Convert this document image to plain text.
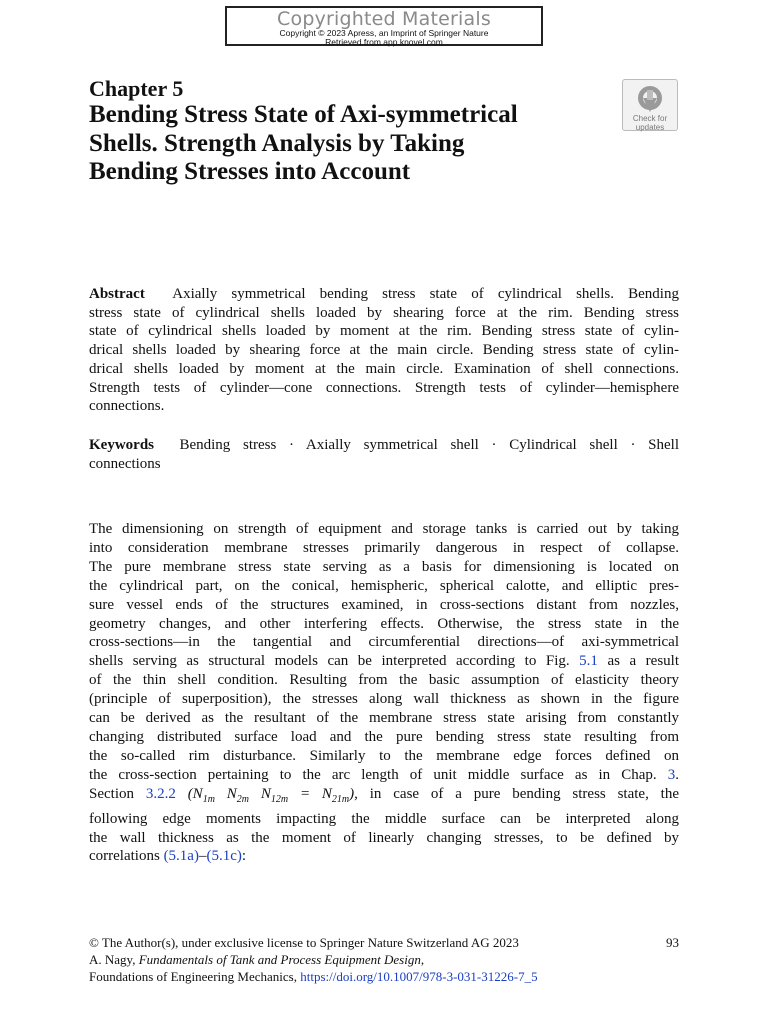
Copyrighted Materials
Copyright © 2023 Apress, an Imprint of Springer Nature
Retrieved from app.knovel.com
Check for
updates
Chapter 5
Bending Stress State of Axi-symmetrical
Shells. Strength Analysis by Taking
Bending Stresses into Account
Abstract Axially symmetrical bending stress state of cylindrical shells. Bending
stress state of cylindrical shells loaded by shearing force at the rim. Bending stress
state of cylindrical shells loaded by moment at the rim. Bending stress state of cylin-
drical shells loaded by shearing force at the main circle. Bending stress state of cylin-
drical shells loaded by moment at the main circle. Examination of shell connections.
Strength tests of cylinder—cone connections. Strength tests of cylinder—hemisphere
connections.
Keywords Bending stress · Axially symmetrical shell · Cylindrical shell · Shell
connections
The dimensioning on strength of equipment and storage tanks is carried out by taking
into consideration membrane stresses primarily dangerous in respect of collapse.
The pure membrane stress state serving as a basis for dimensioning is located on
the cylindrical part, on the conical, hemispheric, spherical calotte, and elliptic pres-
sure vessel ends of the structures examined, in cross-sections distant from nozzles,
geometry changes, and other interfering effects. Otherwise, the stress state in the
cross-sections—in the tangential and circumferential directions—of axi-symmetrical
shells serving as structural models can be interpreted according to Fig. 5.1 as a result
of the thin shell condition. Resulting from the basic assumption of elasticity theory
(principle of superposition), the stresses along wall thickness as shown in the figure
can be derived as the resultant of the membrane stress state arising from constantly
changing distributed surface load and the pure bending stress state resulting from
the so-called rim disturbance. Similarly to the membrane edge forces defined on
the cross-section pertaining to the arc length of unit middle surface as in Chap. 3.
Section 3.2.2 ($N_{1m}$ $N_{2m}$ $N_{12m} = N_{21m}$), in case of a pure bending stress state, the
following edge moments impacting the middle surface can be interpreted along
the wall thickness as the moment of linearly changing stresses, to be defined by
correlations (5.1a)–(5.1c):
© The Author(s), under exclusive license to Springer Nature Switzerland AG 2023	93
A. Nagy, Fundamentals of Tank and Process Equipment Design,
Foundations of Engineering Mechanics, https://doi.org/10.1007/978-3-031-31226-7_5
